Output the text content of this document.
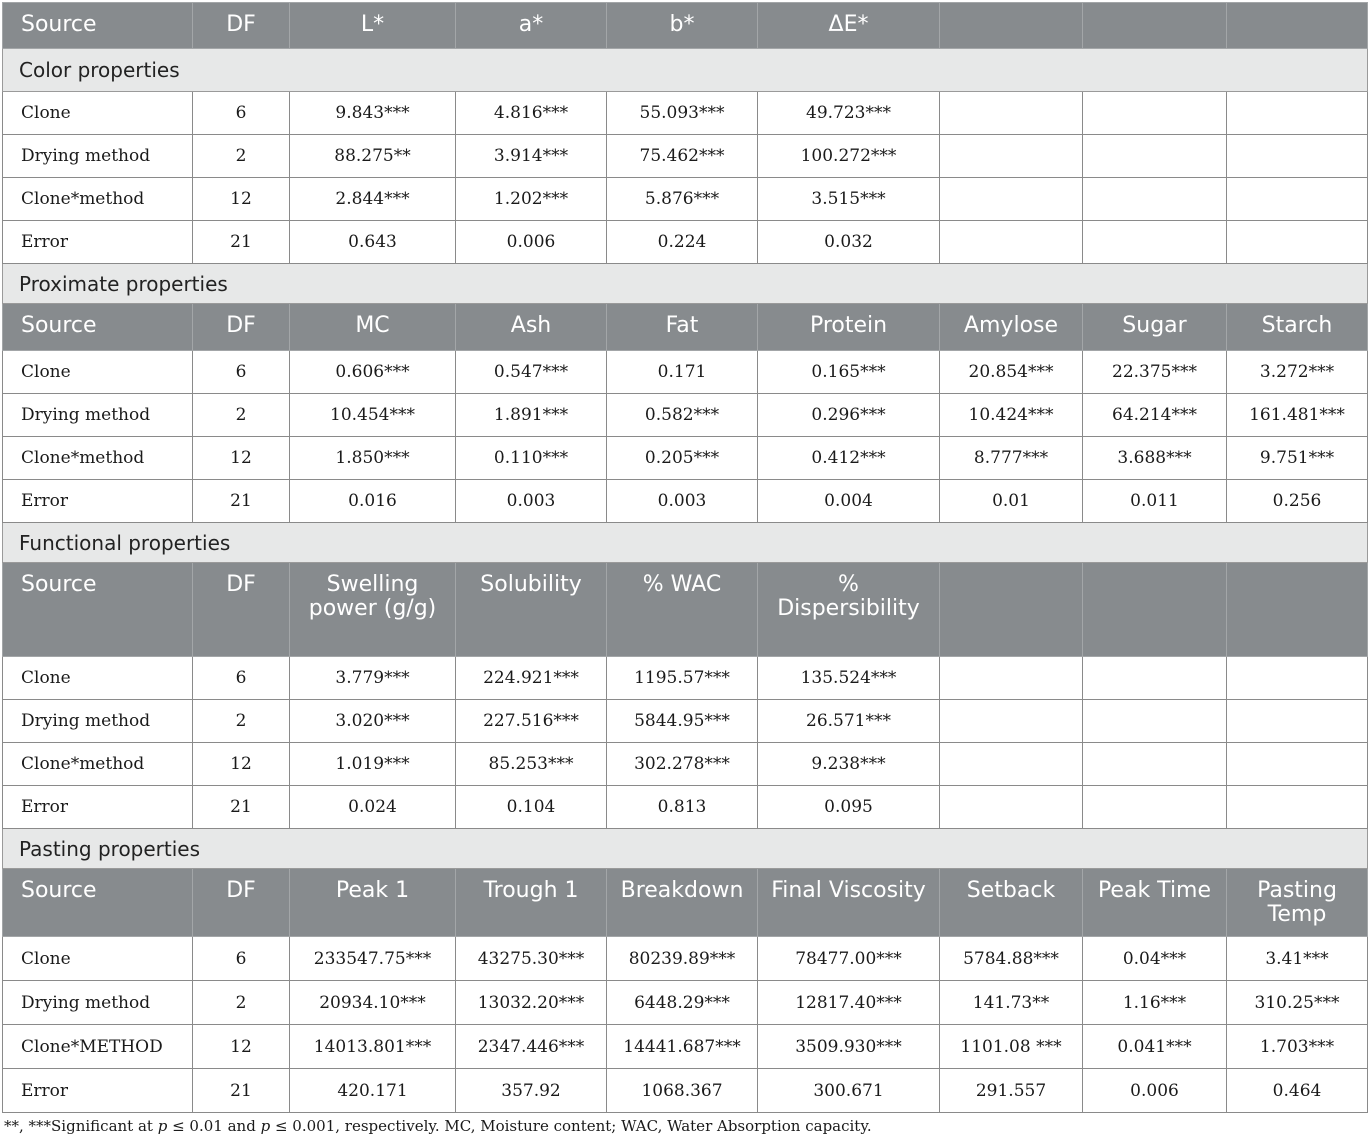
Source	DF	L*	a*	b*	ΔE*			
Color properties								
Clone	6	9.843***	4.816***	55.093***	49.723***			
Drying method	2	88.275**	3.914***	75.462***	100.272***			
Clone*method	12	2.844***	1.202***	5.876***	3.515***			
Error	21	0.643	0.006	0.224	0.032			
Proximate properties								
Source	DF	MC	Ash	Fat	Protein	Amylose	Sugar	Starch
Clone	6	0.606***	0.547***	0.171	0.165***	20.854***	22.375***	3.272***
Drying method	2	10.454***	1.891***	0.582***	0.296***	10.424***	64.214***	161.481***
Clone*method	12	1.850***	0.110***	0.205***	0.412***	8.777***	3.688***	9.751***
Error	21	0.016	0.003	0.003	0.004	0.01	0.011	0.256
Functional properties								
Source	DF	Swelling power (g/g)	Solubility	% WAC	% Dispersibility			
Clone	6	3.779***	224.921***	1195.57***	135.524***			
Drying method	2	3.020***	227.516***	5844.95***	26.571***			
Clone*method	12	1.019***	85.253***	302.278***	9.238***			
Error	21	0.024	0.104	0.813	0.095			
Pasting properties								
Source	DF	Peak 1	Trough 1	Breakdown	Final Viscosity	Setback	Peak Time	Pasting Temp
Clone	6	233547.75***	43275.30***	80239.89***	78477.00***	5784.88***	0.04***	3.41***
Drying method	2	20934.10***	13032.20***	6448.29***	12817.40***	141.73**	1.16***	310.25***
Clone*METHOD	12	14013.801***	2347.446***	14441.687***	3509.930***	1101.08 ***	0.041***	1.703***
Error	21	420.171	357.92	1068.367	300.671	291.557	0.006	0.464
**, ***Significant at p ≤ 0.01 and p ≤ 0.001, respectively. MC, Moisture content; WAC, Water Absorption capacity.
